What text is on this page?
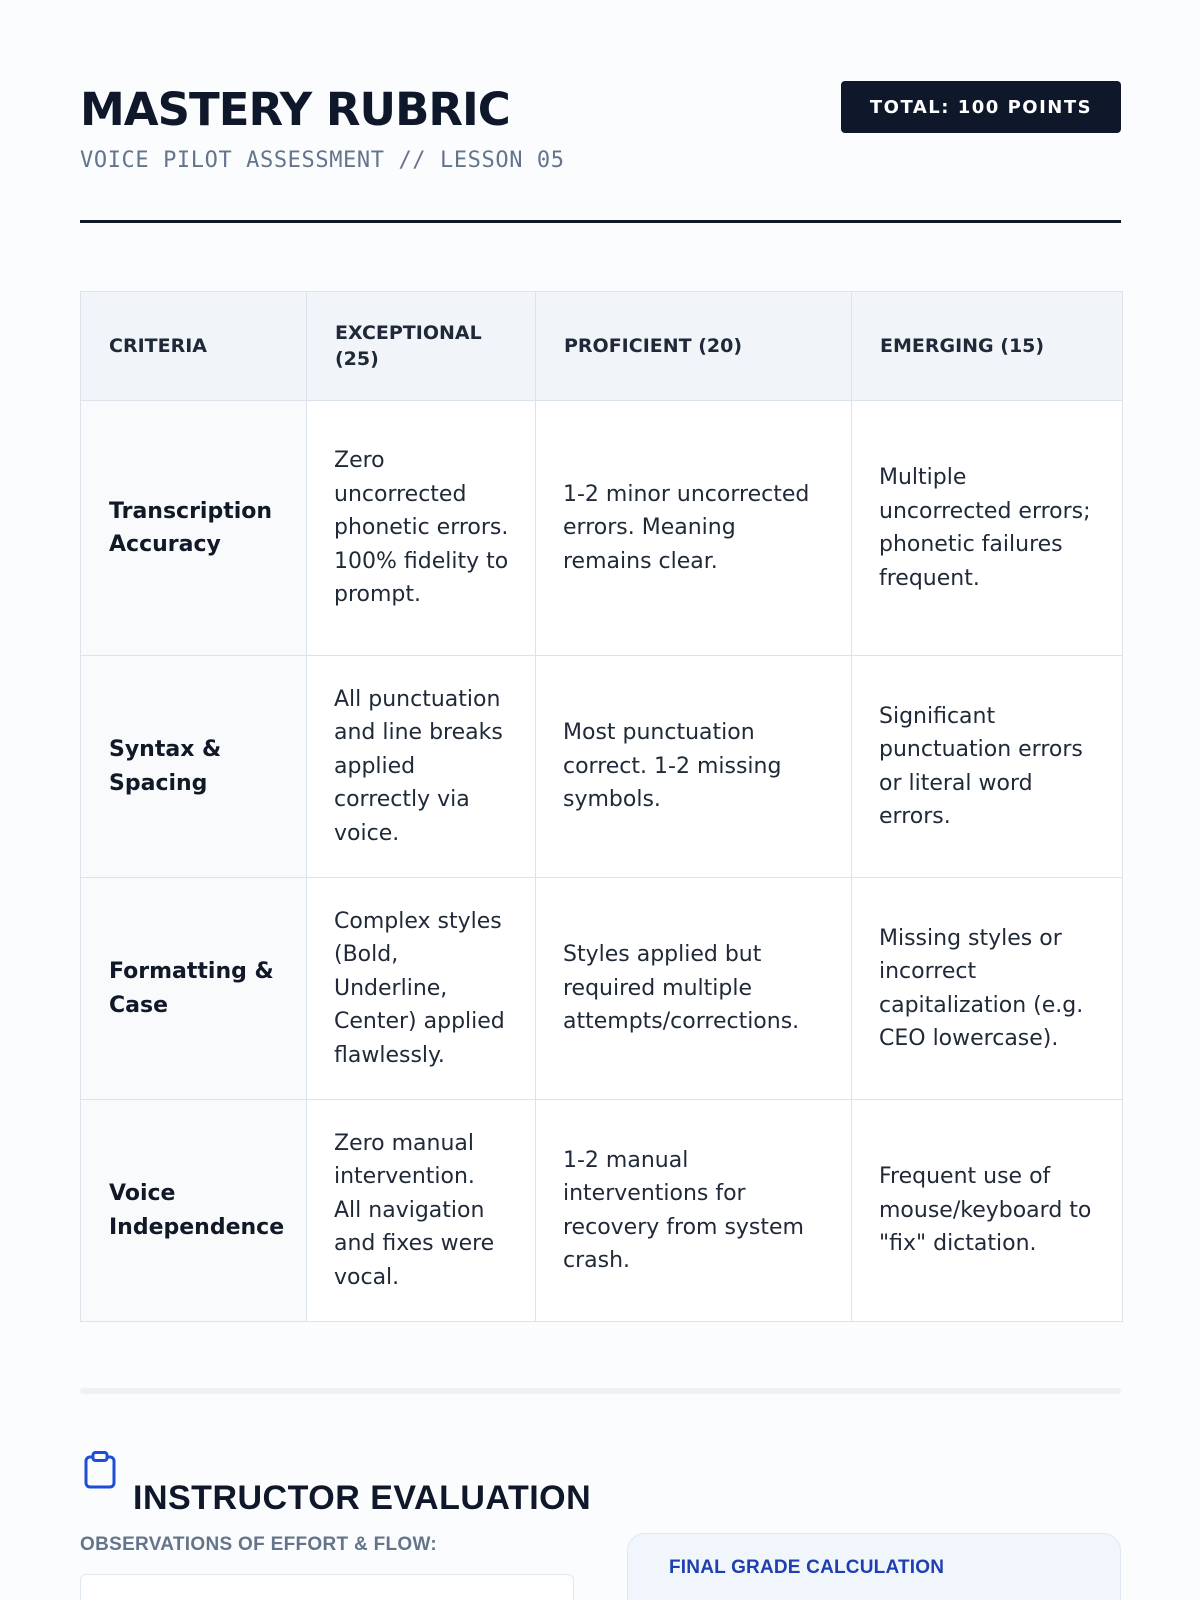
MASTERY RUBRIC
VOICE PILOT ASSESSMENT // LESSON 05
TOTAL: 100 POINTS
CRITERIA	EXCEPTIONAL (25)	PROFICIENT (20)	EMERGING (15)
Transcription Accuracy	Zero uncorrected phonetic errors. 100% fidelity to prompt.	1-2 minor uncorrected errors. Meaning remains clear.	Multiple uncorrected errors; phonetic failures frequent.
Syntax & Spacing	All punctuation and line breaks applied correctly via voice.	Most punctuation correct. 1-2 missing symbols.	Significant punctuation errors or literal word errors.
Formatting & Case	Complex styles (Bold, Underline, Center) applied flawlessly.	Styles applied but required multiple attempts/corrections.	Missing styles or incorrect capitalization (e.g. CEO lowercase).
Voice Independence	Zero manual intervention. All navigation and fixes were vocal.	1-2 manual interventions for recovery from system crash.	Frequent use of mouse/keyboard to "fix" dictation.
INSTRUCTOR EVALUATION
OBSERVATIONS OF EFFORT & FLOW:
FINAL GRADE CALCULATION
